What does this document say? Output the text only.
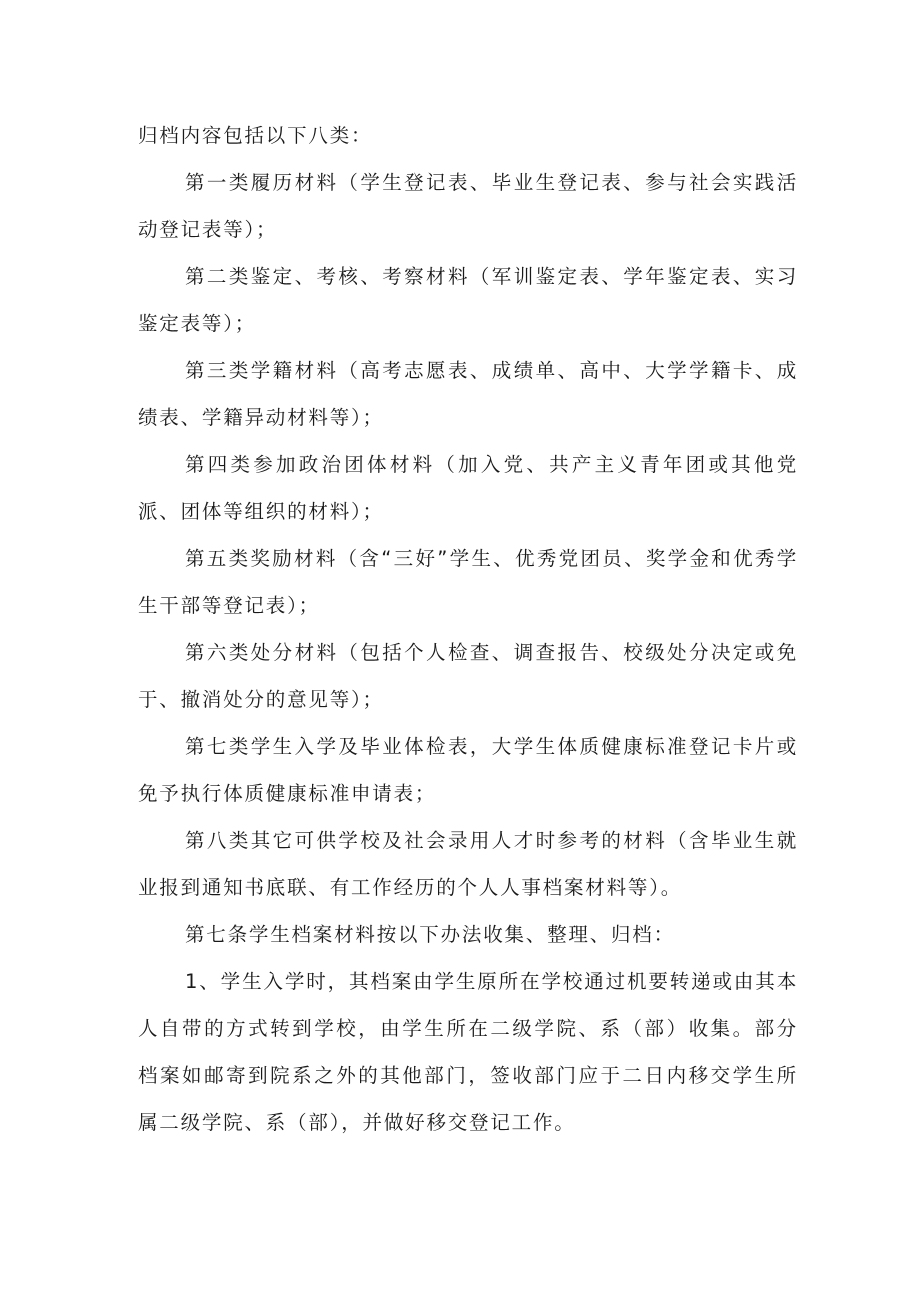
归档内容包括以下八类：

第一类履历材料（学生登记表、毕业生登记表、参与社会实践活动登记表等）；

第二类鉴定、考核、考察材料（军训鉴定表、学年鉴定表、实习鉴定表等）；

第三类学籍材料（高考志愿表、成绩单、高中、大学学籍卡、成绩表、学籍异动材料等）；

第四类参加政治团体材料（加入党、共产主义青年团或其他党派、团体等组织的材料）；

第五类奖励材料（含“三好”学生、优秀党团员、奖学金和优秀学生干部等登记表）；

第六类处分材料（包括个人检查、调查报告、校级处分决定或免于、撤消处分的意见等）；

第七类学生入学及毕业体检表，大学生体质健康标准登记卡片或免予执行体质健康标准申请表；

第八类其它可供学校及社会录用人才时参考的材料（含毕业生就业报到通知书底联、有工作经历的个人人事档案材料等）。

第七条学生档案材料按以下办法收集、整理、归档：

1、学生入学时，其档案由学生原所在学校通过机要转递或由其本人自带的方式转到学校，由学生所在二级学院、系（部）收集。部分档案如邮寄到院系之外的其他部门，签收部门应于二日内移交学生所属二级学院、系（部），并做好移交登记工作。
